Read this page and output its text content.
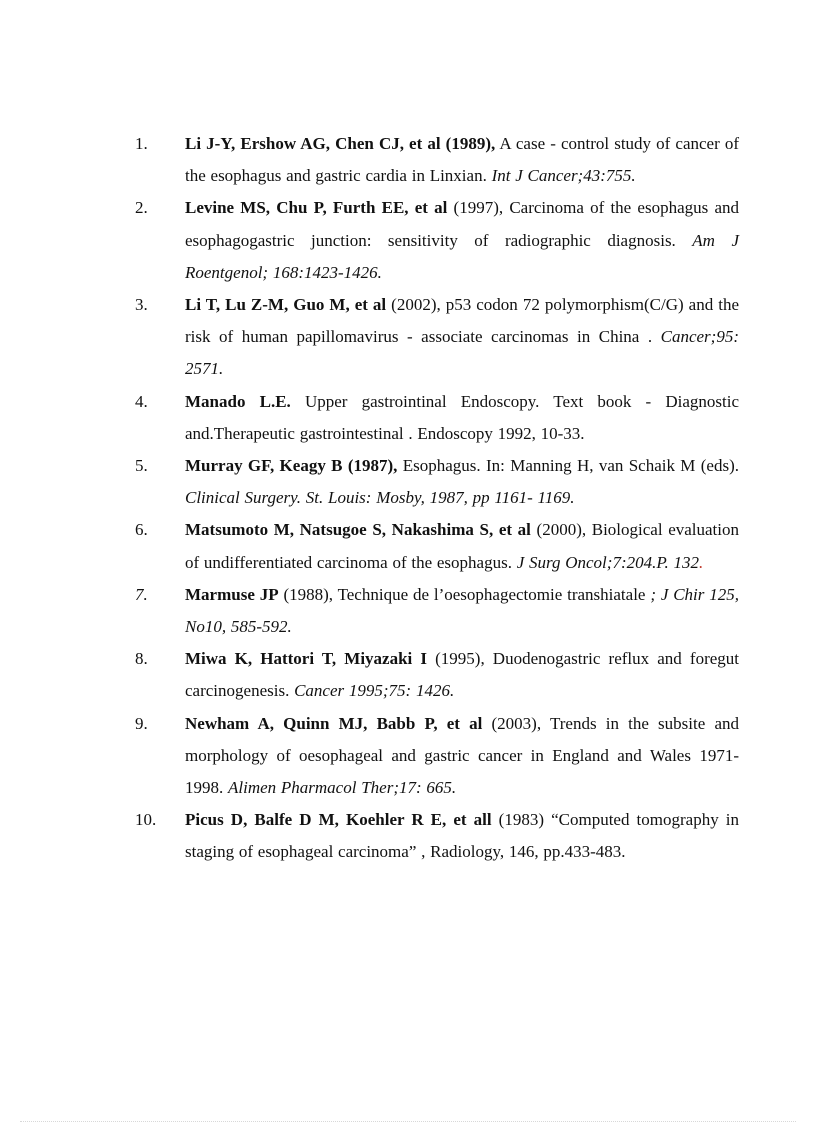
1.	Li J-Y, Ershow AG, Chen CJ, et al (1989), A case - control study of cancer of the esophagus and gastric cardia in Linxian. Int J Cancer;43:755.
2.	Levine MS, Chu P, Furth EE, et al (1997), Carcinoma of the esophagus and esophagogastric junction: sensitivity of radiographic diagnosis. Am J Roentgenol; 168:1423-1426.
3.	Li T, Lu Z-M, Guo M, et al (2002), p53 codon 72 polymorphism(C/G) and the risk of human papillomavirus - associate carcinomas in China . Cancer;95: 2571.
4.	Manado L.E. Upper gastrointinal Endoscopy. Text book - Diagnostic and.Therapeutic gastrointestinal . Endoscopy 1992, 10-33.
5.	Murray GF, Keagy B (1987), Esophagus. In: Manning H, van Schaik M (eds). Clinical Surgery. St. Louis: Mosby, 1987, pp 1161- 1169.
6.	Matsumoto M, Natsugoe S, Nakashima S, et al (2000), Biological evaluation of undifferentiated carcinoma of the esophagus. J Surg Oncol;7:204.P. 132.
7.	Marmuse JP (1988), Technique de l’oesophagectomie transhiatale ; J Chir 125, No10, 585-592.
8.	Miwa K, Hattori T, Miyazaki I (1995), Duodenogastric reflux and foregut carcinogenesis. Cancer 1995;75: 1426.
9.	Newham A, Quinn MJ, Babb P, et al (2003), Trends in the subsite and morphology of oesophageal and gastric cancer in England and Wales 1971- 1998. Alimen Pharmacol Ther;17: 665.
10.	Picus D, Balfe D M, Koehler R E, et all (1983) “Computed tomography in staging of esophageal carcinoma” , Radiology, 146, pp.433-483.
